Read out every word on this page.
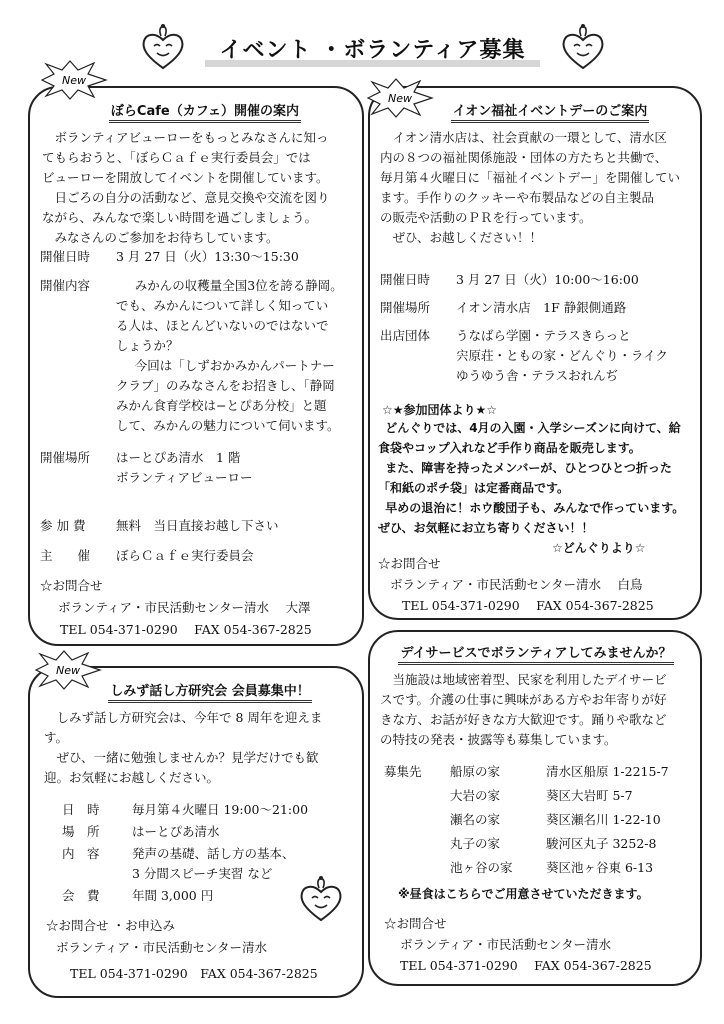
イベント ・ボランティア募集
New
ぼらCafe（カフェ）開催の案内

ボランティアビューローをもっとみなさんに知っ

てもらおうと、「ぼらＣａｆｅ実行委員会」では

ビューローを開放してイベントを開催しています。

日ごろの自分の活動など、意見交換や交流を図り

ながら、みんなで楽しい時間を過ごしましょう。

みなさんのご参加をお待ちしています。

開催日時 3 月 27 日（火）13:30〜15:30
開催内容	みかんの収穫量全国3位を誇る静岡。

でも、みかんについて詳しく知ってい

る人は、ほとんどいないのではないで

しょうか？

今回は「しずおかみかんパートナー

クラブ」のみなさんをお招きし、「静岡

みかん食育学校は−とぴあ分校」と題

して、みかんの魅力について伺います。

開催場所 はーとぴあ清水　1 階

ボランティアビューロー

参 加 費 無料　当日直接お越し下さい
主　　催 ぼらＣａｆｅ実行委員会
☆お問合せ
ボランティア・市民活動センター清水　 大澤
TEL 054-371-0290　 FAX 054-367-2825
New
イオン福祉イベントデーのご案内

イオン清水店は、社会貢献の一環として、清水区

内の８つの福祉関係施設・団体の方たちと共働で、

毎月第４火曜日に「福祉イベントデー」を開催してい

ます。手作りのクッキーや布製品などの自主製品

の販売や活動のＰＲを行っています。

ぜひ、お越しください！！

開催日時 3 月 27 日（火）10:00〜16:00
開催場所 イオン清水店　1F 静銀側通路
出店団体 うなばら学園・テラスきらっと

宍原荘・ともの家・どんぐり・ライク

ゆうゆう舎・テラスおれんぢ

☆★参加団体より★☆

どんぐりでは、4月の入園・入学シーズンに向けて、給

食袋やコップ入れなど手作り商品を販売します。

また、障害を持ったメンバーが、ひとつひとつ折った

「和紙のポチ袋」は定番商品です。

早めの退治に！ホウ酸団子も、みんなで作っています。

ぜひ、お気軽にお立ち寄りください！！

☆どんぐりより☆
☆お問合せ
ボランティア・市民活動センター清水　 白鳥
TEL 054-371-0290　 FAX 054-367-2825
New
しみず話し方研究会 会員募集中！

しみず話し方研究会は、今年で 8 周年を迎えま

す。

ぜひ、一緒に勉強しませんか？見学だけでも歓

迎。お気軽にお越しください。

日　時	毎月第４火曜日 19:00〜21:00
場　所	はーとぴあ清水
内　容	発声の基礎、話し方の基本、

3 分間スピーチ実習 など

会　費	年間 3,000 円
☆お問合せ ・お申込み
ボランティア・市民活動センター清水
TEL 054-371-0290　FAX 054-367-2825
デイサービスでボランティアしてみませんか？

当施設は地域密着型、民家を利用したデイサービ

スです。介護の仕事に興味がある方やお年寄りが好

きな方、お話が好きな方大歓迎です。踊りや歌など

の特技の発表・披露等も募集しています。

募集先 船原の家	清水区船原 1-2215-7
大岩の家	葵区大岩町 5-7
瀬名の家	葵区瀬名川 1-22-10
丸子の家	駿河区丸子 3252-8
池ヶ谷の家	葵区池ヶ谷東 6-13
※昼食はこちらでご用意させていただきます。
☆お問合せ
ボランティア・市民活動センター清水
TEL 054-371-0290　 FAX 054-367-2825
